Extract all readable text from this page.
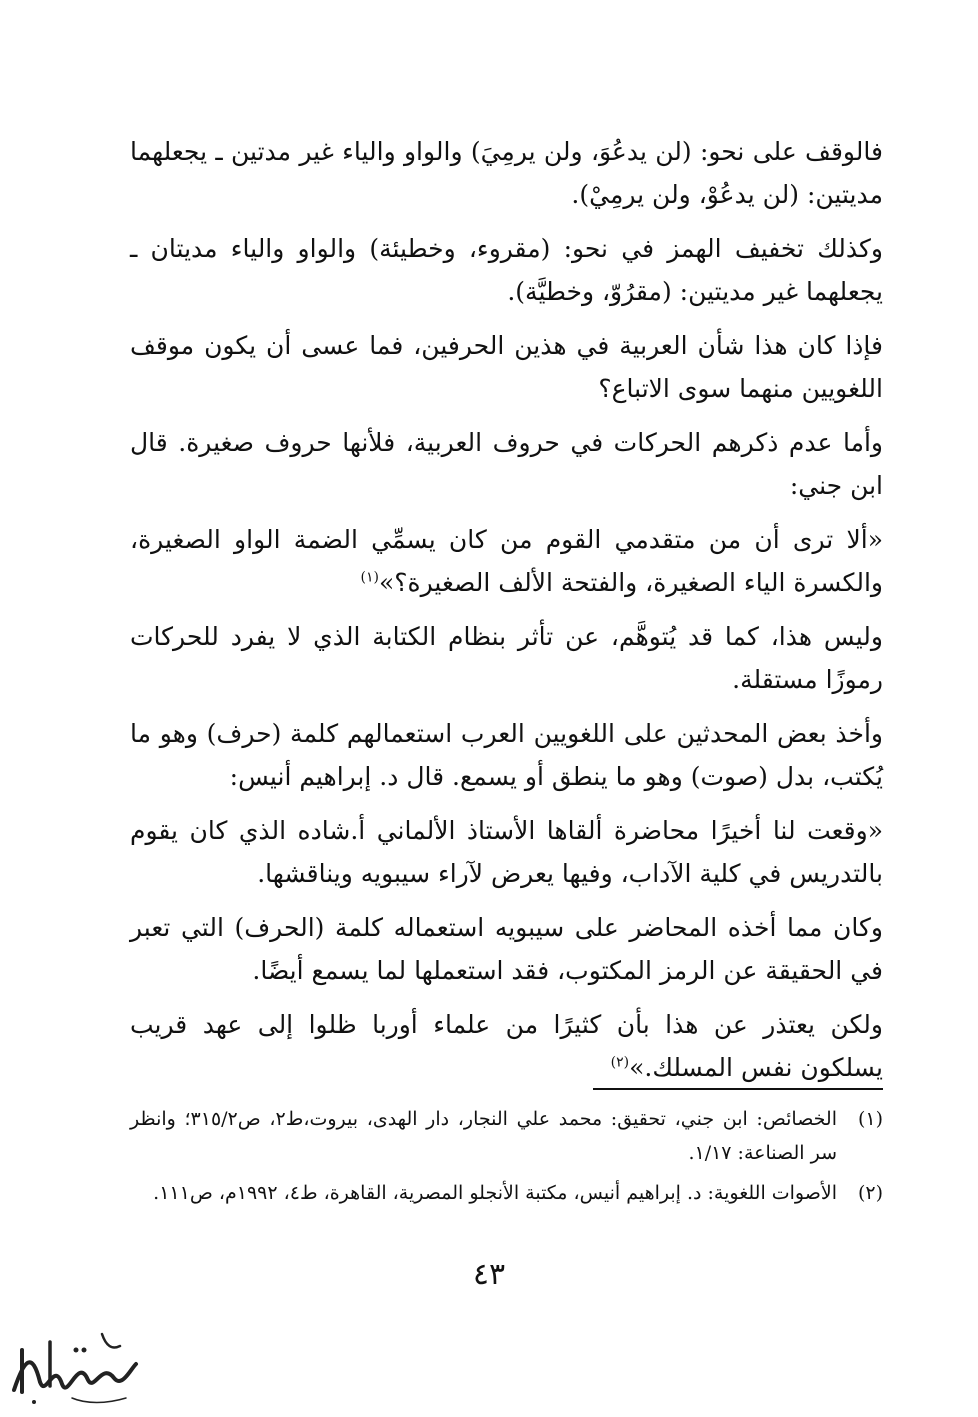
فالوقف على نحو: (لن يدعُوَ، ولن يرمِيَ) والواو والياء غير مدتين ـ يجعلهما مديتين: (لن يدعُوْ، ولن يرمِيْ).

وكذلك تخفيف الهمز في نحو: (مقروء، وخطيئة) والواو والياء مديتان ـ يجعلهما غير مديتين: (مقرُوّ، وخطيَّة).

فإذا كان هذا شأن العربية في هذين الحرفين، فما عسى أن يكون موقف اللغويين منهما سوى الاتباع؟

وأما عدم ذكرهم الحركات في حروف العربية، فلأنها حروف صغيرة. قال ابن جني:

«ألا ترى أن من متقدمي القوم من كان يسمِّي الضمة الواو الصغيرة، والكسرة الياء الصغيرة، والفتحة الألف الصغيرة؟»$^{(١)}$

وليس هذا، كما قد يُتوهَّم، عن تأثر بنظام الكتابة الذي لا يفرد للحركات رموزًا مستقلة.

وأخذ بعض المحدثين على اللغويين العرب استعمالهم كلمة (حرف) وهو ما يُكتب، بدل (صوت) وهو ما ينطق أو يسمع. قال د. إبراهيم أنيس:

«وقعت لنا أخيرًا محاضرة ألقاها الأستاذ الألماني أ.شاده الذي كان يقوم بالتدريس في كلية الآداب، وفيها يعرض لآراء سيبويه ويناقشها.

وكان مما أخذه المحاضر على سيبويه استعماله كلمة (الحرف) التي تعبر في الحقيقة عن الرمز المكتوب، فقد استعملها لما يسمع أيضًا.

ولكن يعتذر عن هذا بأن كثيرًا من علماء أوربا ظلوا إلى عهد قريب يسلكون نفس المسلك.»$^{(٢)}$

(١)
الخصائص: ابن جني، تحقيق: محمد علي النجار، دار الهدى، بيروت،ط٢، ص٣١٥/٢؛ وانظر سر الصناعة: ١/١٧.
(٢)
الأصوات اللغوية: د. إبراهيم أنيس، مكتبة الأنجلو المصرية، القاهرة، ط٤، ١٩٩٢م، ص١١١.
٤٣
